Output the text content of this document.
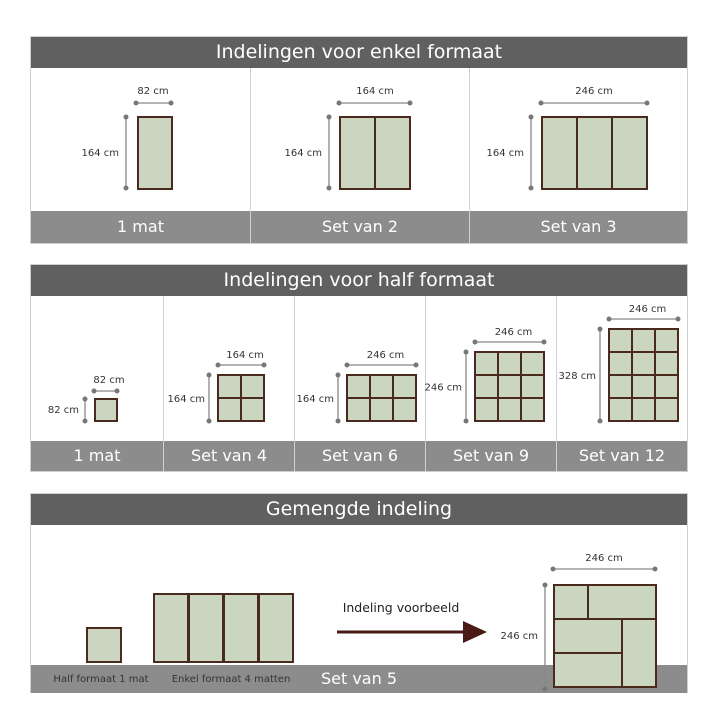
Indelingen voor enkel formaat
82 cm
164 cm
1 mat
164 cm
164 cm
Set van 2
246 cm
164 cm
Set van 3
Indelingen voor half formaat
82 cm
82 cm
1 mat
164 cm
164 cm
Set van 4
246 cm
164 cm
Set van 6
246 cm
246 cm
Set van 9
246 cm
328 cm
Set van 12
Gemengde indeling
Half formaat 1 mat Enkel formaat 4 matten
Indeling voorbeeld
246 cm
246 cm
Set van 5
